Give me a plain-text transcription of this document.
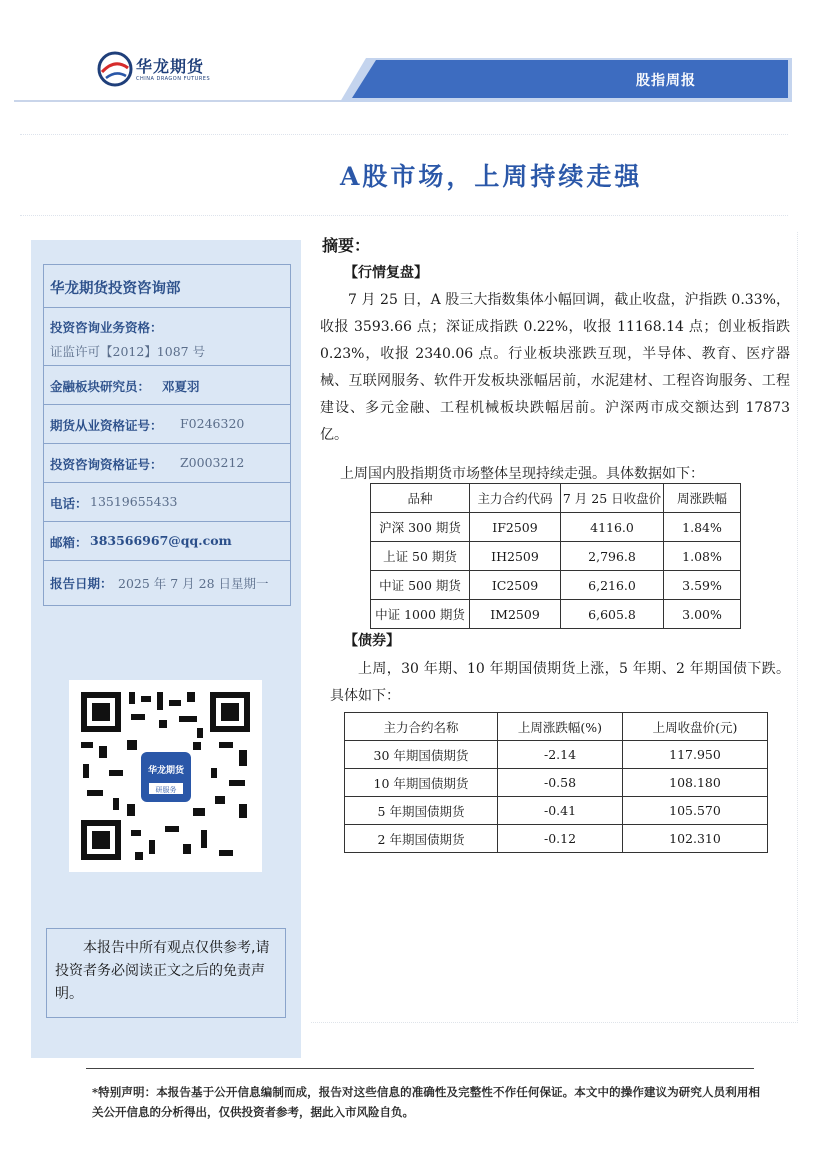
华龙期货
CHINA DRAGON FUTURES	股指周报
A股市场，上周持续走强
华龙期货投资咨询部
投资咨询业务资格：
证监许可【2012】1087 号
金融板块研究员： 邓夏羽
期货从业资格证号： F0246320
投资咨询资格证号： Z0003212
电话： 13519655433
邮箱： 383566967@qq.com
报告日期： 2025 年 7 月 28 日星期一
华龙期货
研服务

本报告中所有观点仅供参考,请投资者务必阅读正文之后的免责声明。

摘要：
【行情复盘】
7 月 25 日，A 股三大指数集体小幅回调，截止收盘，沪指跌 0.33%，收报 3593.66 点；深证成指跌 0.22%，收报 11168.14 点；创业板指跌 0.23%，收报 2340.06 点。行业板块涨跌互现，半导体、教育、医疗器械、互联网服务、软件开发板块涨幅居前，水泥建材、工程咨询服务、工程建设、多元金融、工程机械板块跌幅居前。沪深两市成交额达到 17873 亿。
上周国内股指期货市场整体呈现持续走强。具体数据如下：
品种	主力合约代码	7 月 25 日收盘价	周涨跌幅
沪深 300 期货	IF2509	4116.0	1.84%
上证 50 期货	IH2509	2,796.8	1.08%
中证 500 期货	IC2509	6,216.0	3.59%
中证 1000 期货	IM2509	6,605.8	3.00%
【债券】
上周，30 年期、10 年期国债期货上涨，5 年期、2 年期国债下跌。具体如下：
主力合约名称	上周涨跌幅(%)	上周收盘价(元)
30 年期国债期货	-2.14	117.950
10 年期国债期货	-0.58	108.180
5 年期国债期货	-0.41	105.570
2 年期国债期货	-0.12	102.310
*特别声明：本报告基于公开信息编制而成，报告对这些信息的准确性及完整性不作任何保证。本文中的操作建议为研究人员利用相关公开信息的分析得出，仅供投资者参考，据此入市风险自负。
